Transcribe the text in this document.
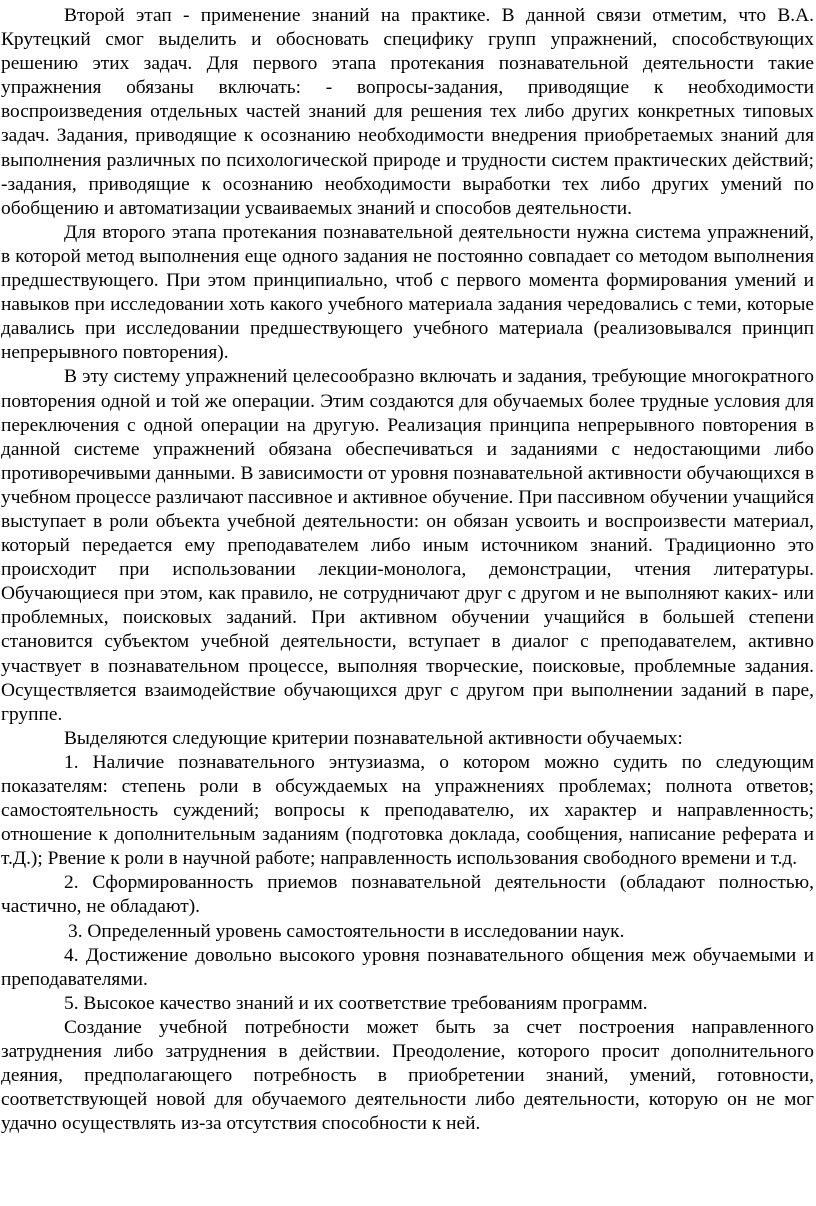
Второй этап - применение знаний на практике. В данной связи отметим, что В.А. Крутецкий смог выделить и обосновать специфику групп упражнений, способствующих решению этих задач. Для первого этапа протекания познавательной деятельности такие упражнения обязаны включать: - вопросы-задания, приводящие к необходимости воспроизведения отдельных частей знаний для решения тех либо других конкретных типовых задач. Задания, приводящие к осознанию необходимости внедрения приобретаемых знаний для выполнения различных по психологической природе и трудности систем практических действий; -задания, приводящие к осознанию необходимости выработки тех либо других умений по обобщению и автоматизации усваиваемых знаний и способов деятельности.

Для второго этапа протекания познавательной деятельности нужна система упражнений, в которой метод выполнения еще одного задания не постоянно совпадает со методом выполнения предшествующего. При этом принципиально, чтоб с первого момента формирования умений и навыков при исследовании хоть какого учебного материала задания чередовались с теми, которые давались при исследовании предшествующего учебного материала (реализовывался принцип непрерывного повторения).

В эту систему упражнений целесообразно включать и задания, требующие многократного повторения одной и той же операции. Этим создаются для обучаемых более трудные условия для переключения с одной операции на другую. Реализация принципа непрерывного повторения в данной системе упражнений обязана обеспечиваться и заданиями с недостающими либо противоречивыми данными. В зависимости от уровня познавательной активности обучающихся в учебном процессе различают пассивное и активное обучение. При пассивном обучении учащийся выступает в роли объекта учебной деятельности: он обязан усвоить и воспроизвести материал, который передается ему преподавателем либо иным источником знаний. Традиционно это происходит при использовании лекции-монолога, демонстрации, чтения литературы. Обучающиеся при этом, как правило, не сотрудничают друг с другом и не выполняют каких- или проблемных, поисковых заданий. При активном обучении учащийся в большей степени становится субъектом учебной деятельности, вступает в диалог с преподавателем, активно участвует в познавательном процессе, выполняя творческие, поисковые, проблемные задания. Осуществляется взаимодействие обучающихся друг с другом при выполнении заданий в паре, группе.

Выделяются следующие критерии познавательной активности обучаемых:

1. Наличие познавательного энтузиазма, о котором можно судить по следующим показателям: степень роли в обсуждаемых на упражнениях проблемах; полнота ответов; самостоятельность суждений; вопросы к преподавателю, их характер и направленность; отношение к дополнительным заданиям (подготовка доклада, сообщения, написание реферата и т.Д.); Рвение к роли в научной работе; направленность использования свободного времени и т.д.

2. Сформированность приемов познавательной деятельности (обладают полностью, частично, не обладают).

3. Определенный уровень самостоятельности в исследовании наук.

4. Достижение довольно высокого уровня познавательного общения меж обучаемыми и преподавателями.

5. Высокое качество знаний и их соответствие требованиям программ.

Создание учебной потребности может быть за счет построения направленного затруднения либо затруднения в действии. Преодоление, которого просит дополнительного деяния, предполагающего потребность в приобретении знаний, умений, готовности, соответствующей новой для обучаемого деятельности либо деятельности, которую он не мог удачно осуществлять из-за отсутствия способности к ней.
